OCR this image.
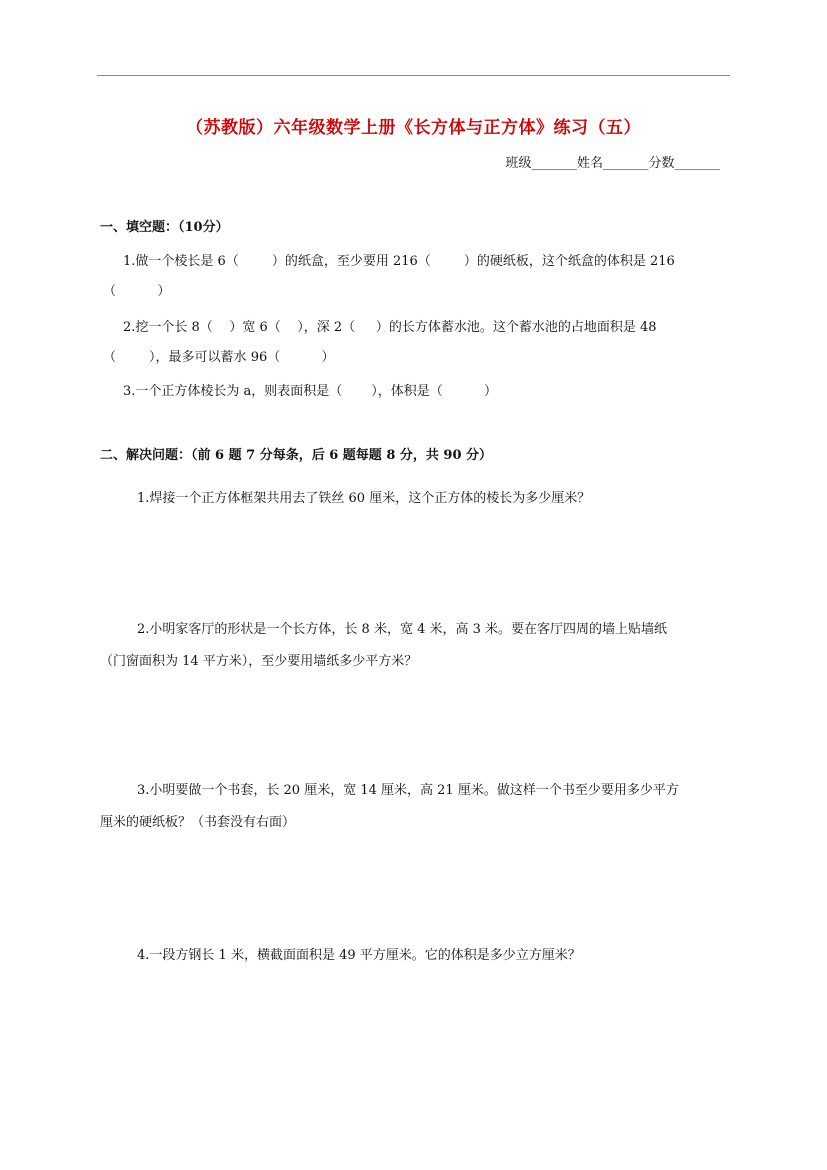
（苏教版）六年级数学上册《长方体与正方体》练习（五）
班级_______姓名_______分数_______
一、填空题：（10分）
1.做一个棱长是 6（        ）的纸盒，至少要用 216（        ）的硬纸板，这个纸盒的体积是 216
（          ）
2.挖一个长 8（    ）宽 6（    ），深 2（     ）的长方体蓄水池。这个蓄水池的占地面积是 48
（        ），最多可以蓄水 96（          ）
3.一个正方体棱长为 a，则表面积是（       ），体积是（          ）
二、解决问题：（前 6 题 7 分每条，后 6 题每题 8 分，共 90 分）
1.焊接一个正方体框架共用去了铁丝 60 厘米，这个正方体的棱长为多少厘米？
2.小明家客厅的形状是一个长方体，长 8 米，宽 4 米，高 3 米。要在客厅四周的墙上贴墙纸
（门窗面积为 14 平方米），至少要用墙纸多少平方米？
3.小明要做一个书套，长 20 厘米，宽 14 厘米，高 21 厘米。做这样一个书至少要用多少平方
厘米的硬纸板？（书套没有右面）
4.一段方钢长 1 米，横截面面积是 49 平方厘米。它的体积是多少立方厘米？
